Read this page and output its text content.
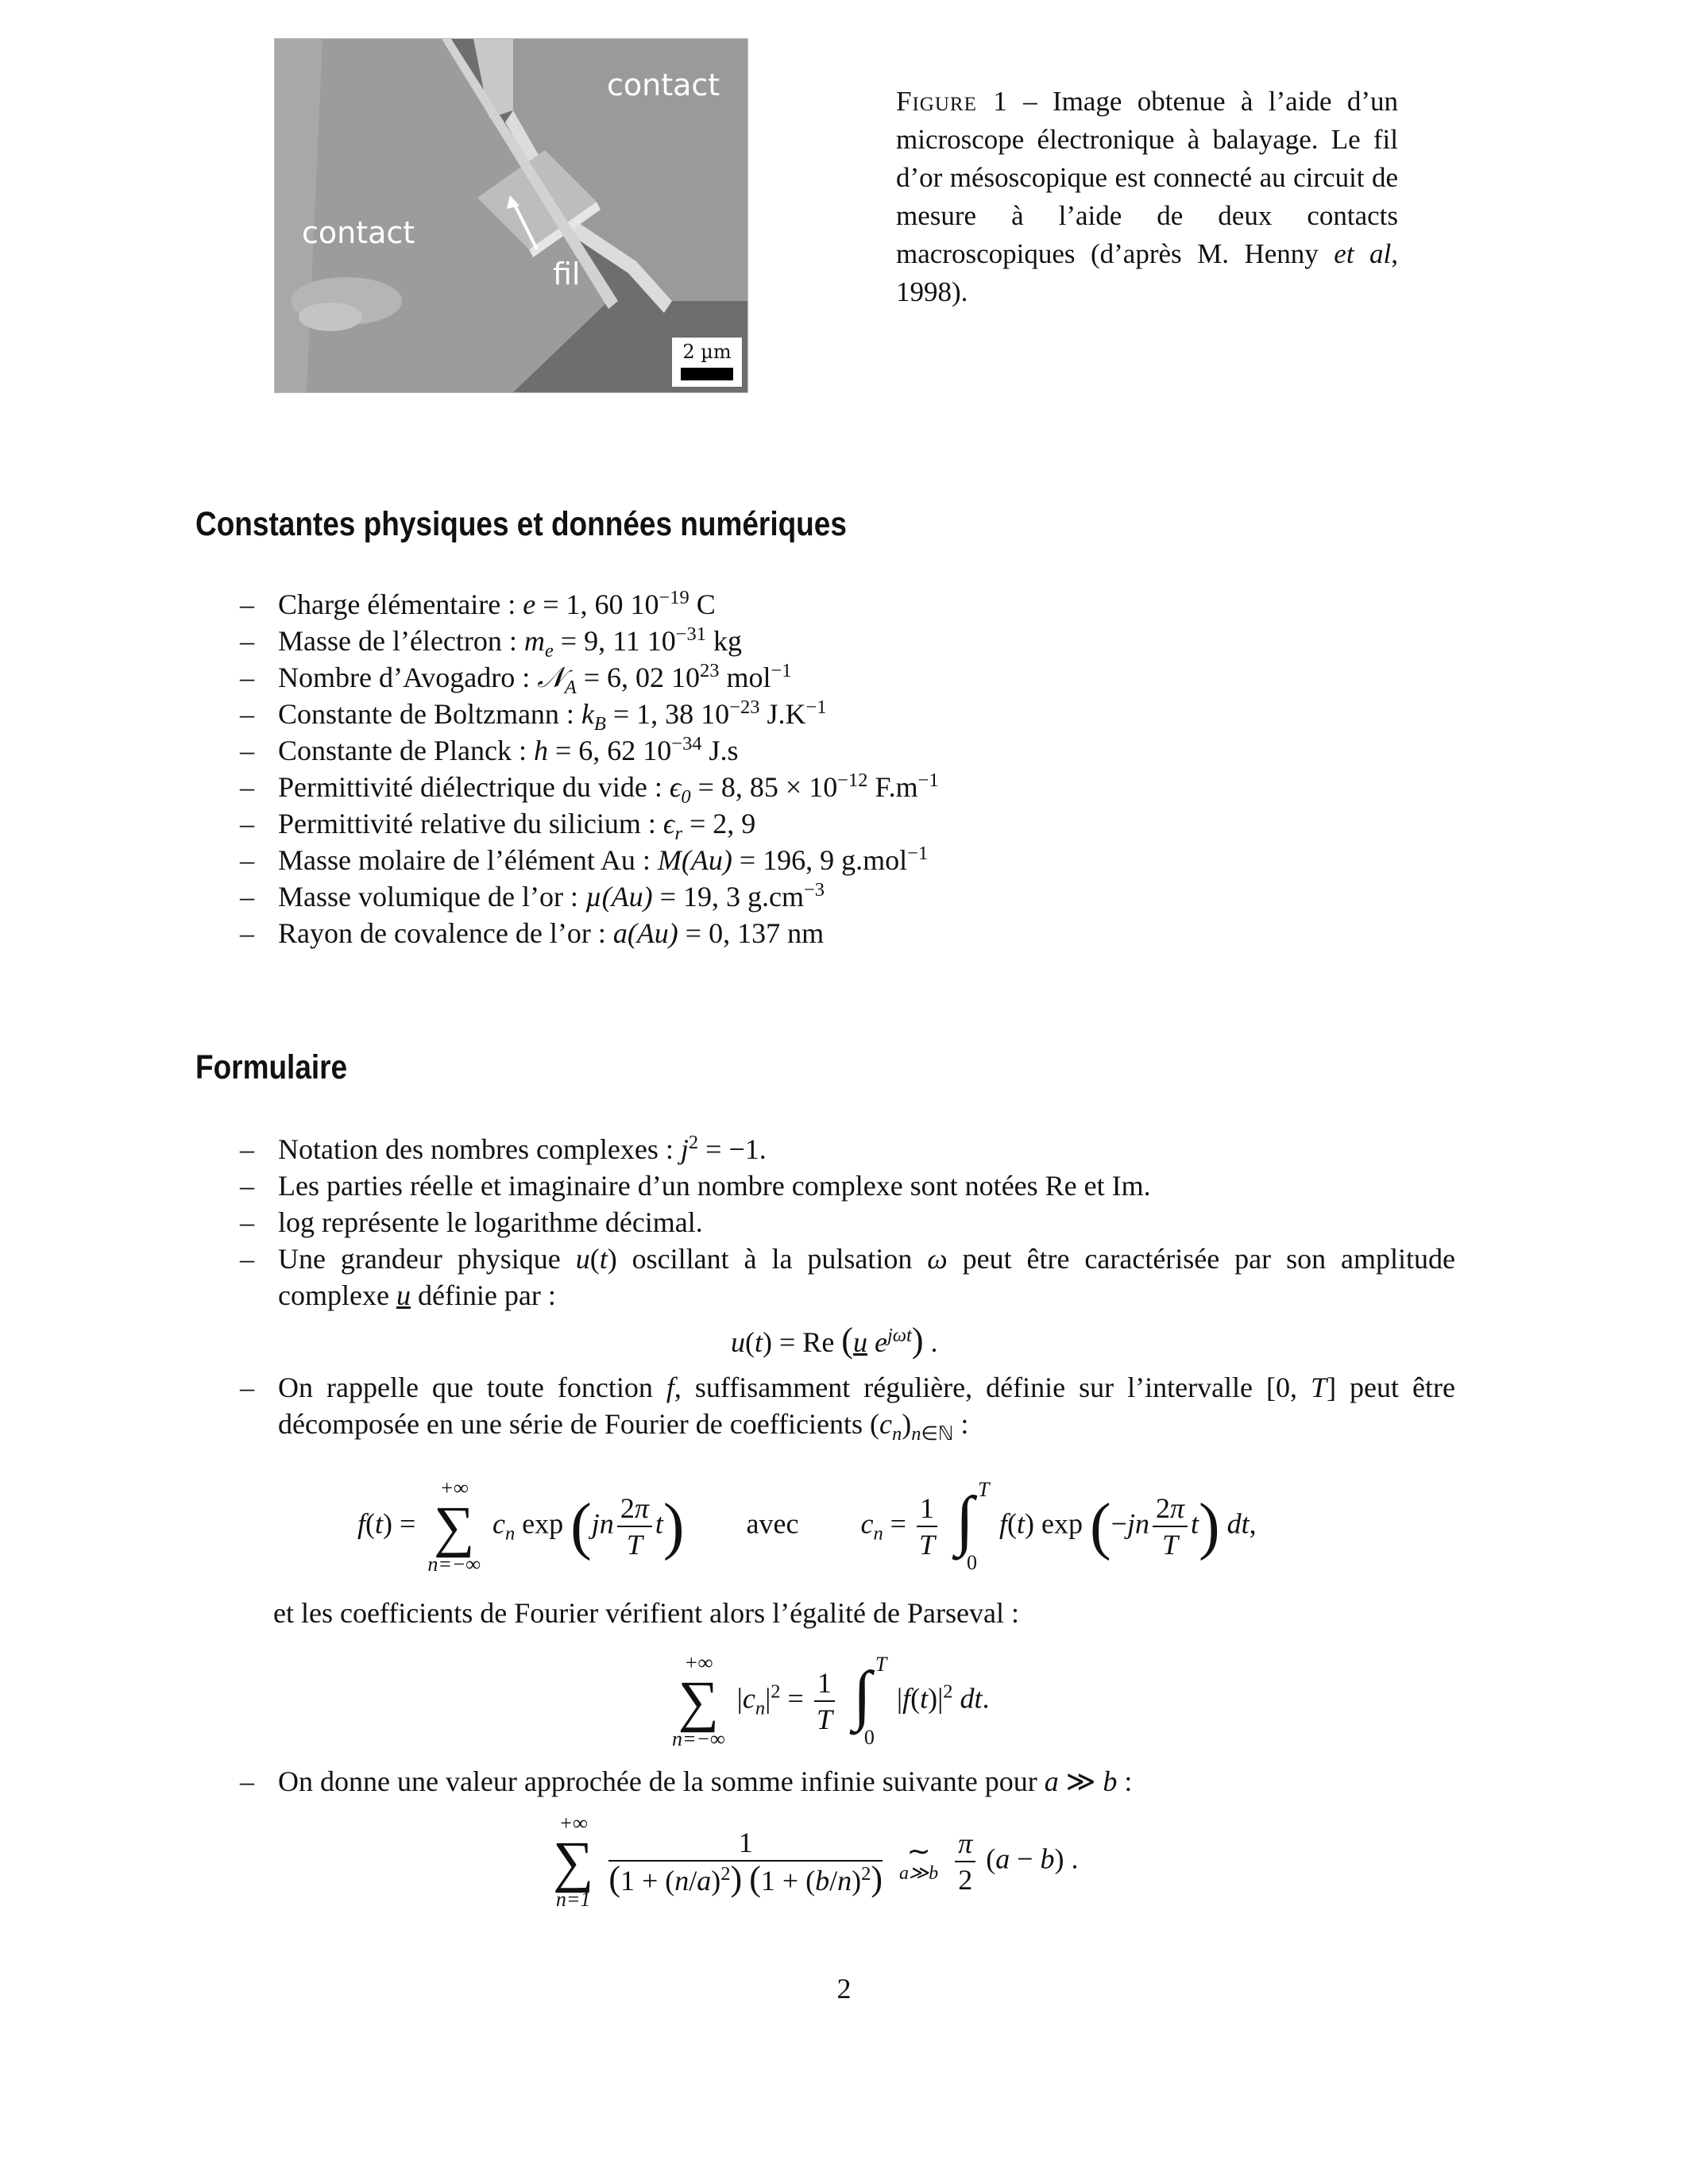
contact
contact
fil
2 µm
Figure 1 – Image obtenue à l’aide d’un microscope électronique à balayage. Le fil d’or mésoscopique est connecté au circuit de mesure à l’aide de deux contacts macroscopiques (d’après M. Henny et al, 1998).
Constantes physiques et données numériques
– Charge élémentaire : e = 1, 60 $10^{-19}$ C
– Masse de l’électron : $m_e = 9$, 11 $10^{-31}$ kg
– Nombre d’Avogadro : 𝒩$_A$ = 6, 02 $10^{23}$ mol$^{-1}$
– Constante de Boltzmann : $k_B = 1$, 38 $10^{-23}$ $J.K^{-1}$
– Constante de Planck : h = 6, 62 $10^{-34}$ J.s
– Permittivité diélectrique du vide : $\epsilon_0 = 8$, $85 \times 10^{-12}$ $F.m^{-1}$
– Permittivité relative du silicium : $\epsilon_r = 2$, 9
– Masse molaire de l’élément Au : M(Au) = 196, 9 g.mol$^{-1}$
– Masse volumique de l’or : µ(Au) = 19, 3 $g.cm^{-3}$
– Rayon de covalence de l’or : a(Au) = 0, 137 nm
Formulaire
– Notation des nombres complexes : $j^2 = -1$.
– Les parties réelle et imaginaire d’un nombre complexe sont notées Re et Im.
– log représente le logarithme décimal.
– Une grandeur physique u(t) oscillant à la pulsation ω peut être caractérisée par son amplitude complexe u définie par :
u(t) = Re (u $e^{j\omega t}$) .
– On rappelle que toute fonction f, suffisamment régulière, définie sur l’intervalle [0, T] peut être décomposée en une série de Fourier de coefficients $(c_n)_{n\in ℕ}$ :
f(t) =
+∞
∑
n=−∞
$c_n$ $\exp (jn \frac{2\pi}{T} t)$ avec $c_n = \frac{1}{T}$
∫ T
0
f(t) $\exp (-jn \frac{2\pi}{T} t)$ dt,
et les coefficients de Fourier vérifient alors l’égalité de Parseval :
+∞
∑
n=−∞
$|c_n|^2 = \frac{1}{T}$
∫ T
0
$|f(t)|^2$ dt.
– On donne une valeur approchée de la somme infinie suivante pour a ≫ b :
+∞
∑
n=1

$\frac{1}{(1 + (n/a)^2) (1 + (b/n)^2)}$
∼
a≫b
$\frac{\pi}{2} (a - b)$ .
2
